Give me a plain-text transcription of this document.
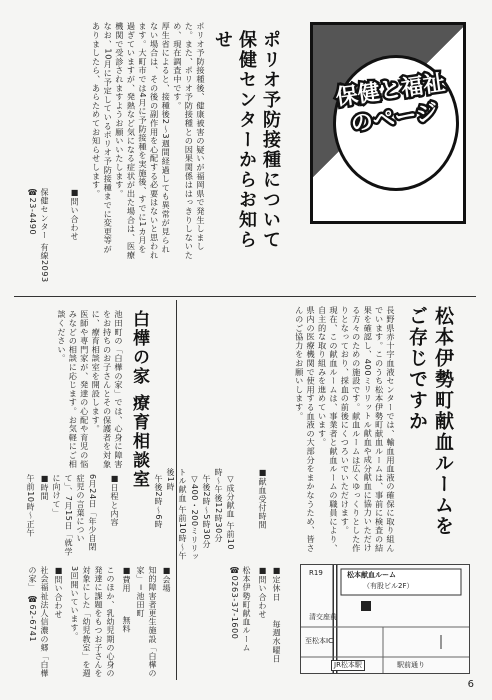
保健と福祉のページ
ポリオ予防接種について 保健センターからお知らせ
ポリオ予防接種後、健康被害の疑いが福岡県で発生しました。また、ポリオ予防接種との因果関係ははっきりしないため、現在調査中です。
厚生省によると、接種後2〜3週間経過しても異常が見られない場合は、その後の副作用を心配する必要はないと思われます。大町市では4月に予防接種を実施後、すでに1カ月を過ぎていますが、発熱など気になる症状が出た場合は、医療機関で受診されますようお願いいたします。
なお、10月に予定しているポリオ予防接種までに変更等がありましたら、あらためてお知らせします。
■問い合わせ
保健センター 有線2093 ☎23-4490
松本伊勢町献血ルームをご存じですか
長野県赤十字血液センターでは、輸血用血液の確保に取り組んでいます。このうち松本伊勢町献血ルームは、事前に検査の結果を確認し、400ミリリットル献血や成分献血に協力いただける方々のための施設です。献血ルームは広くゆっくりとした作りとなっており、採血の前後にくつろいでいただけます。
現在、この献血ルームは、事業者と献血ルームの職員により、自主的な取り組みを進めています。
県内の医療機関で使用する血液の大部分をまかなうため、皆さんのご協力をお願いします。
■献血受付時間

▽成分献血 午前10時〜午後12時30分
午後2時〜5時30分
▽400・200ミリリットル献血 午前10時〜午後1時
午後2時〜6時

■定休日
毎週水曜日
■問い合わせ
松本伊勢町献血ルーム ☎0263-37-1600	松本献血ルーム
（有股ビル2F）
R19
清交座前
至松本IC
JR松本駅	駅前通り
白樺の家 療育相談室
池田町の「白樺の家」では、心身に障害をお持ちのお子さんとその保護者を対象に、療育相談室を開設します。
医師や専門家が、発達の心配や育児の悩みなどの相談に応じます。お気軽にご相談ください。
■日程と内容
6月24日「年少自閉症児の言葉について」、7月15日「就学に向けて」
■時間
午前10時〜正午
■会場
知的障害者更生施設「白樺の家」＝池田町
■費用
無料
このほか、乳幼児期の心身の発達に課題をもつお子さんを対象にした「幼児教室」を週3回開いています。
■問い合わせ
社会福祉法人信濃の郷「白樺の家」 ☎62-6741
6
